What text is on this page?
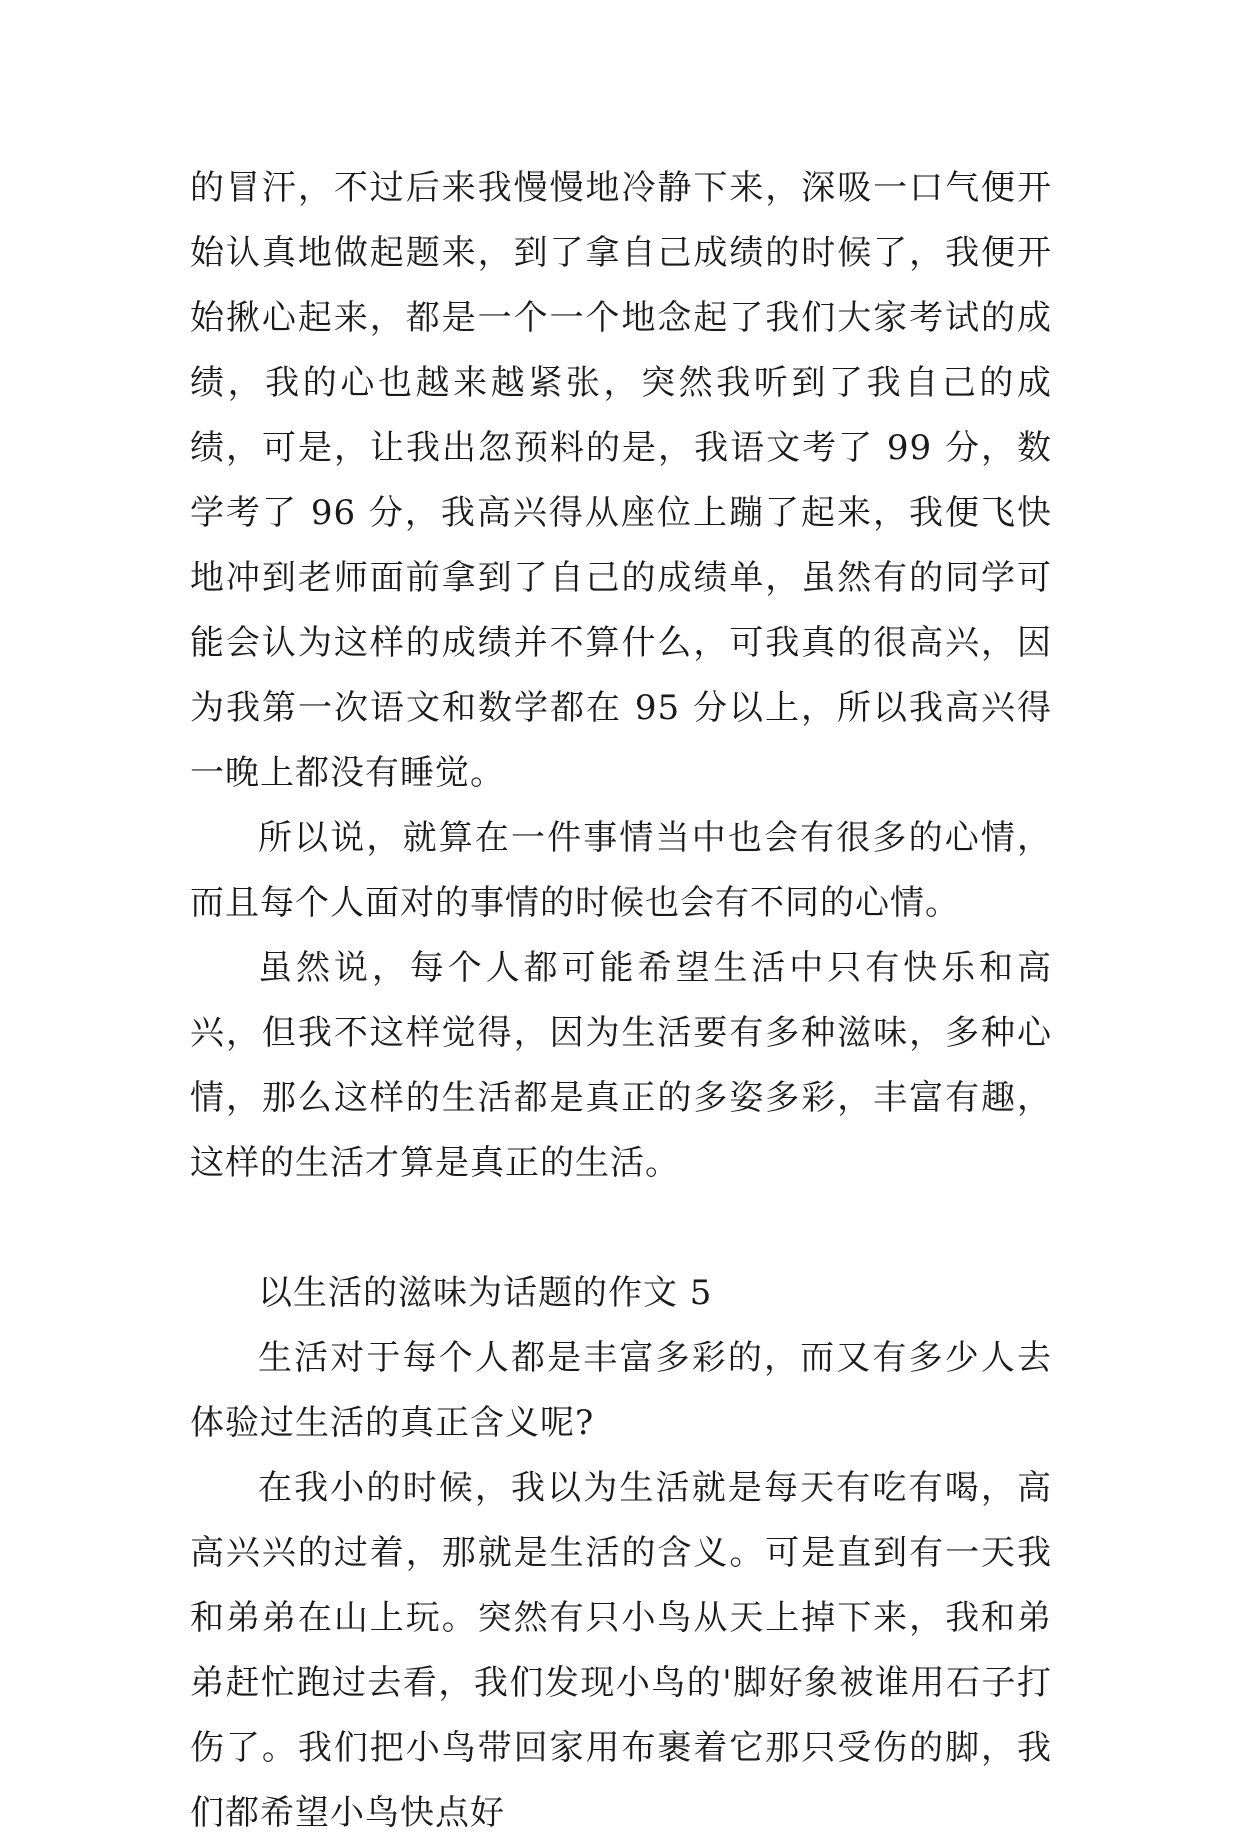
的冒汗，不过后来我慢慢地冷静下来，深吸一口气便开始认真地做起题来，到了拿自己成绩的时候了，我便开始揪心起来，都是一个一个地念起了我们大家考试的成绩，我的心也越来越紧张，突然我听到了我自己的成绩，可是，让我出忽预料的是，我语文考了 99 分，数学考了 96 分，我高兴得从座位上蹦了起来，我便飞快地冲到老师面前拿到了自己的成绩单，虽然有的同学可能会认为这样的成绩并不算什么，可我真的很高兴，因为我第一次语文和数学都在 95 分以上，所以我高兴得一晚上都没有睡觉。

所以说，就算在一件事情当中也会有很多的心情，而且每个人面对的事情的时候也会有不同的心情。

虽然说，每个人都可能希望生活中只有快乐和高兴，但我不这样觉得，因为生活要有多种滋味，多种心情，那么这样的生活都是真正的多姿多彩，丰富有趣，这样的生活才算是真正的生活。

以生活的滋味为话题的作文 5

生活对于每个人都是丰富多彩的，而又有多少人去体验过生活的真正含义呢?

在我小的时候，我以为生活就是每天有吃有喝，高高兴兴的过着，那就是生活的含义。可是直到有一天我和弟弟在山上玩。突然有只小鸟从天上掉下来，我和弟弟赶忙跑过去看，我们发现小鸟的'脚好象被谁用石子打伤了。我们把小鸟带回家用布裹着它那只受伤的脚，我们都希望小鸟快点好
